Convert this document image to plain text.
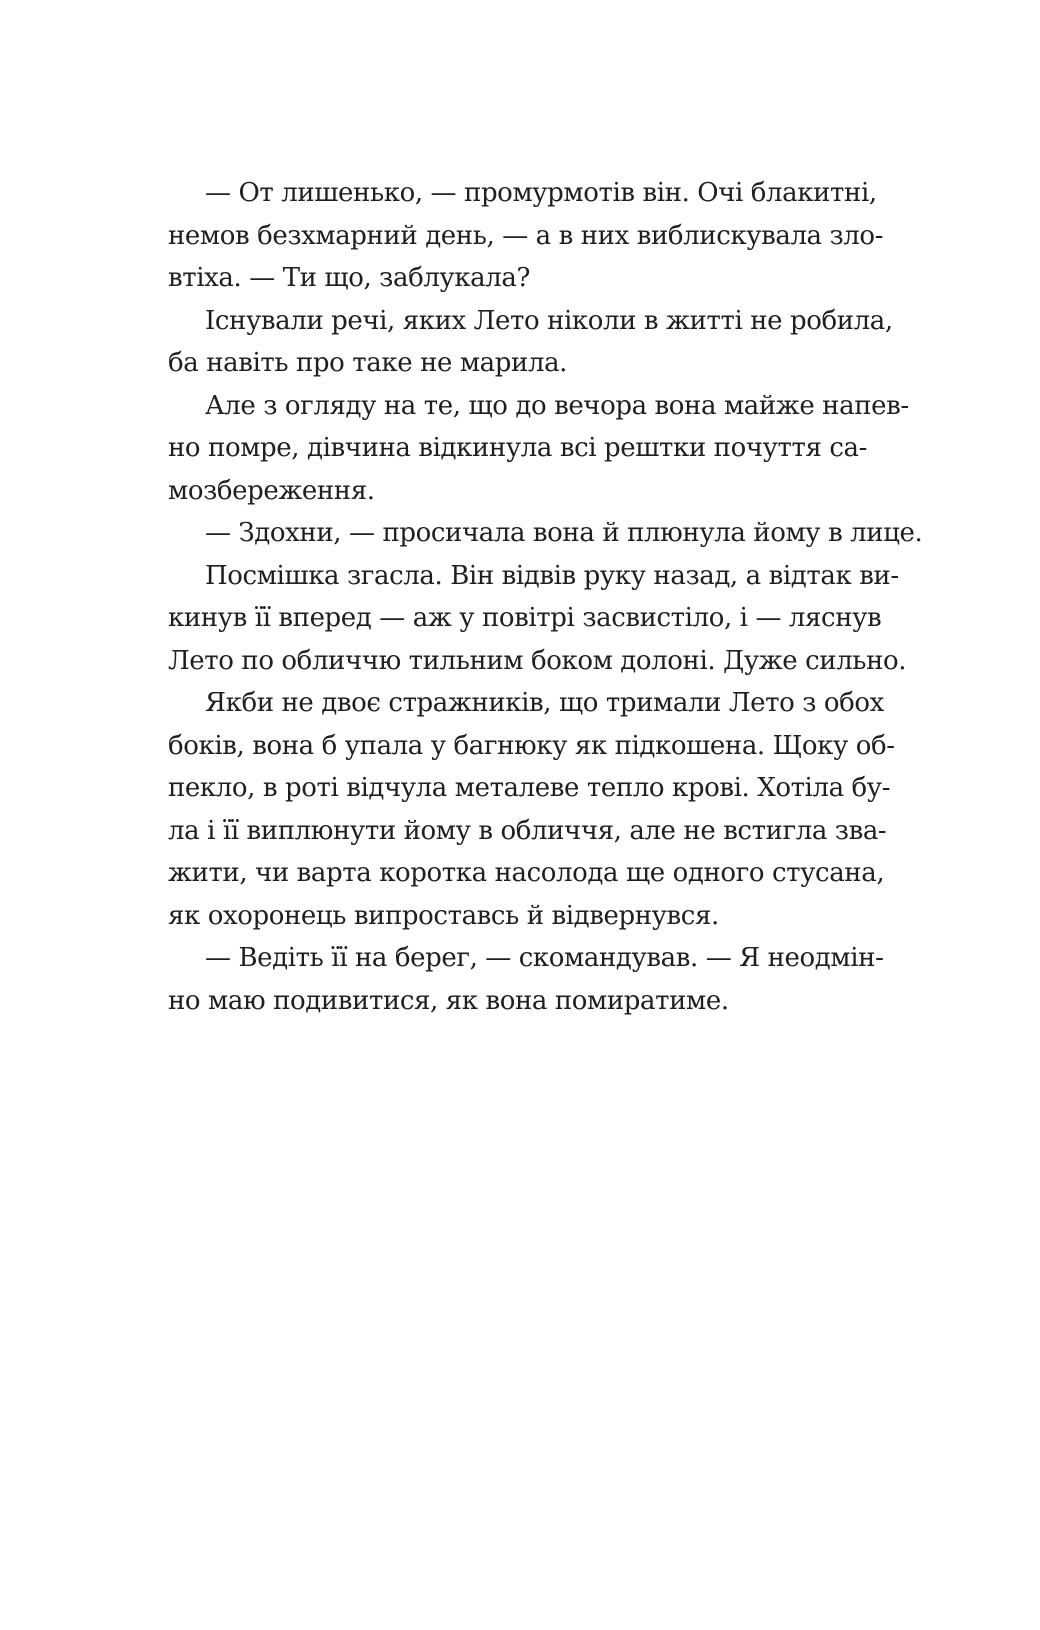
— От лишенько, — промурмотів він. Очі блакитні,
немов безхмарний день, — а в них виблискувала зло-
втіха. — Ти що, заблукала?

Існували речі, яких Лето ніколи в житті не робила,
ба навіть про таке не марила.

Але з огляду на те, що до вечора вона майже напев-
но помре, дівчина відкинула всі рештки почуття са-
мозбереження.

— Здохни, — просичала вона й плюнула йому в лице.

Посмішка згасла. Він відвів руку назад, а відтак ви-
кинув її вперед — аж у повітрі засвистіло, і — ляснув
Лето по обличчю тильним боком долоні. Дуже сильно.

Якби не двоє стражників, що тримали Лето з обох
боків, вона б упала у багнюку як підкошена. Щоку об-
пекло, в роті відчула металеве тепло крові. Хотіла бу-
ла і її виплюнути йому в обличчя, але не встигла зва-
жити, чи варта коротка насолода ще одного стусана,
як охоронець випроставсь й відвернувся.

— Ведіть її на берег, — скомандував. — Я неодмін-
но маю подивитися, як вона помиратиме.
